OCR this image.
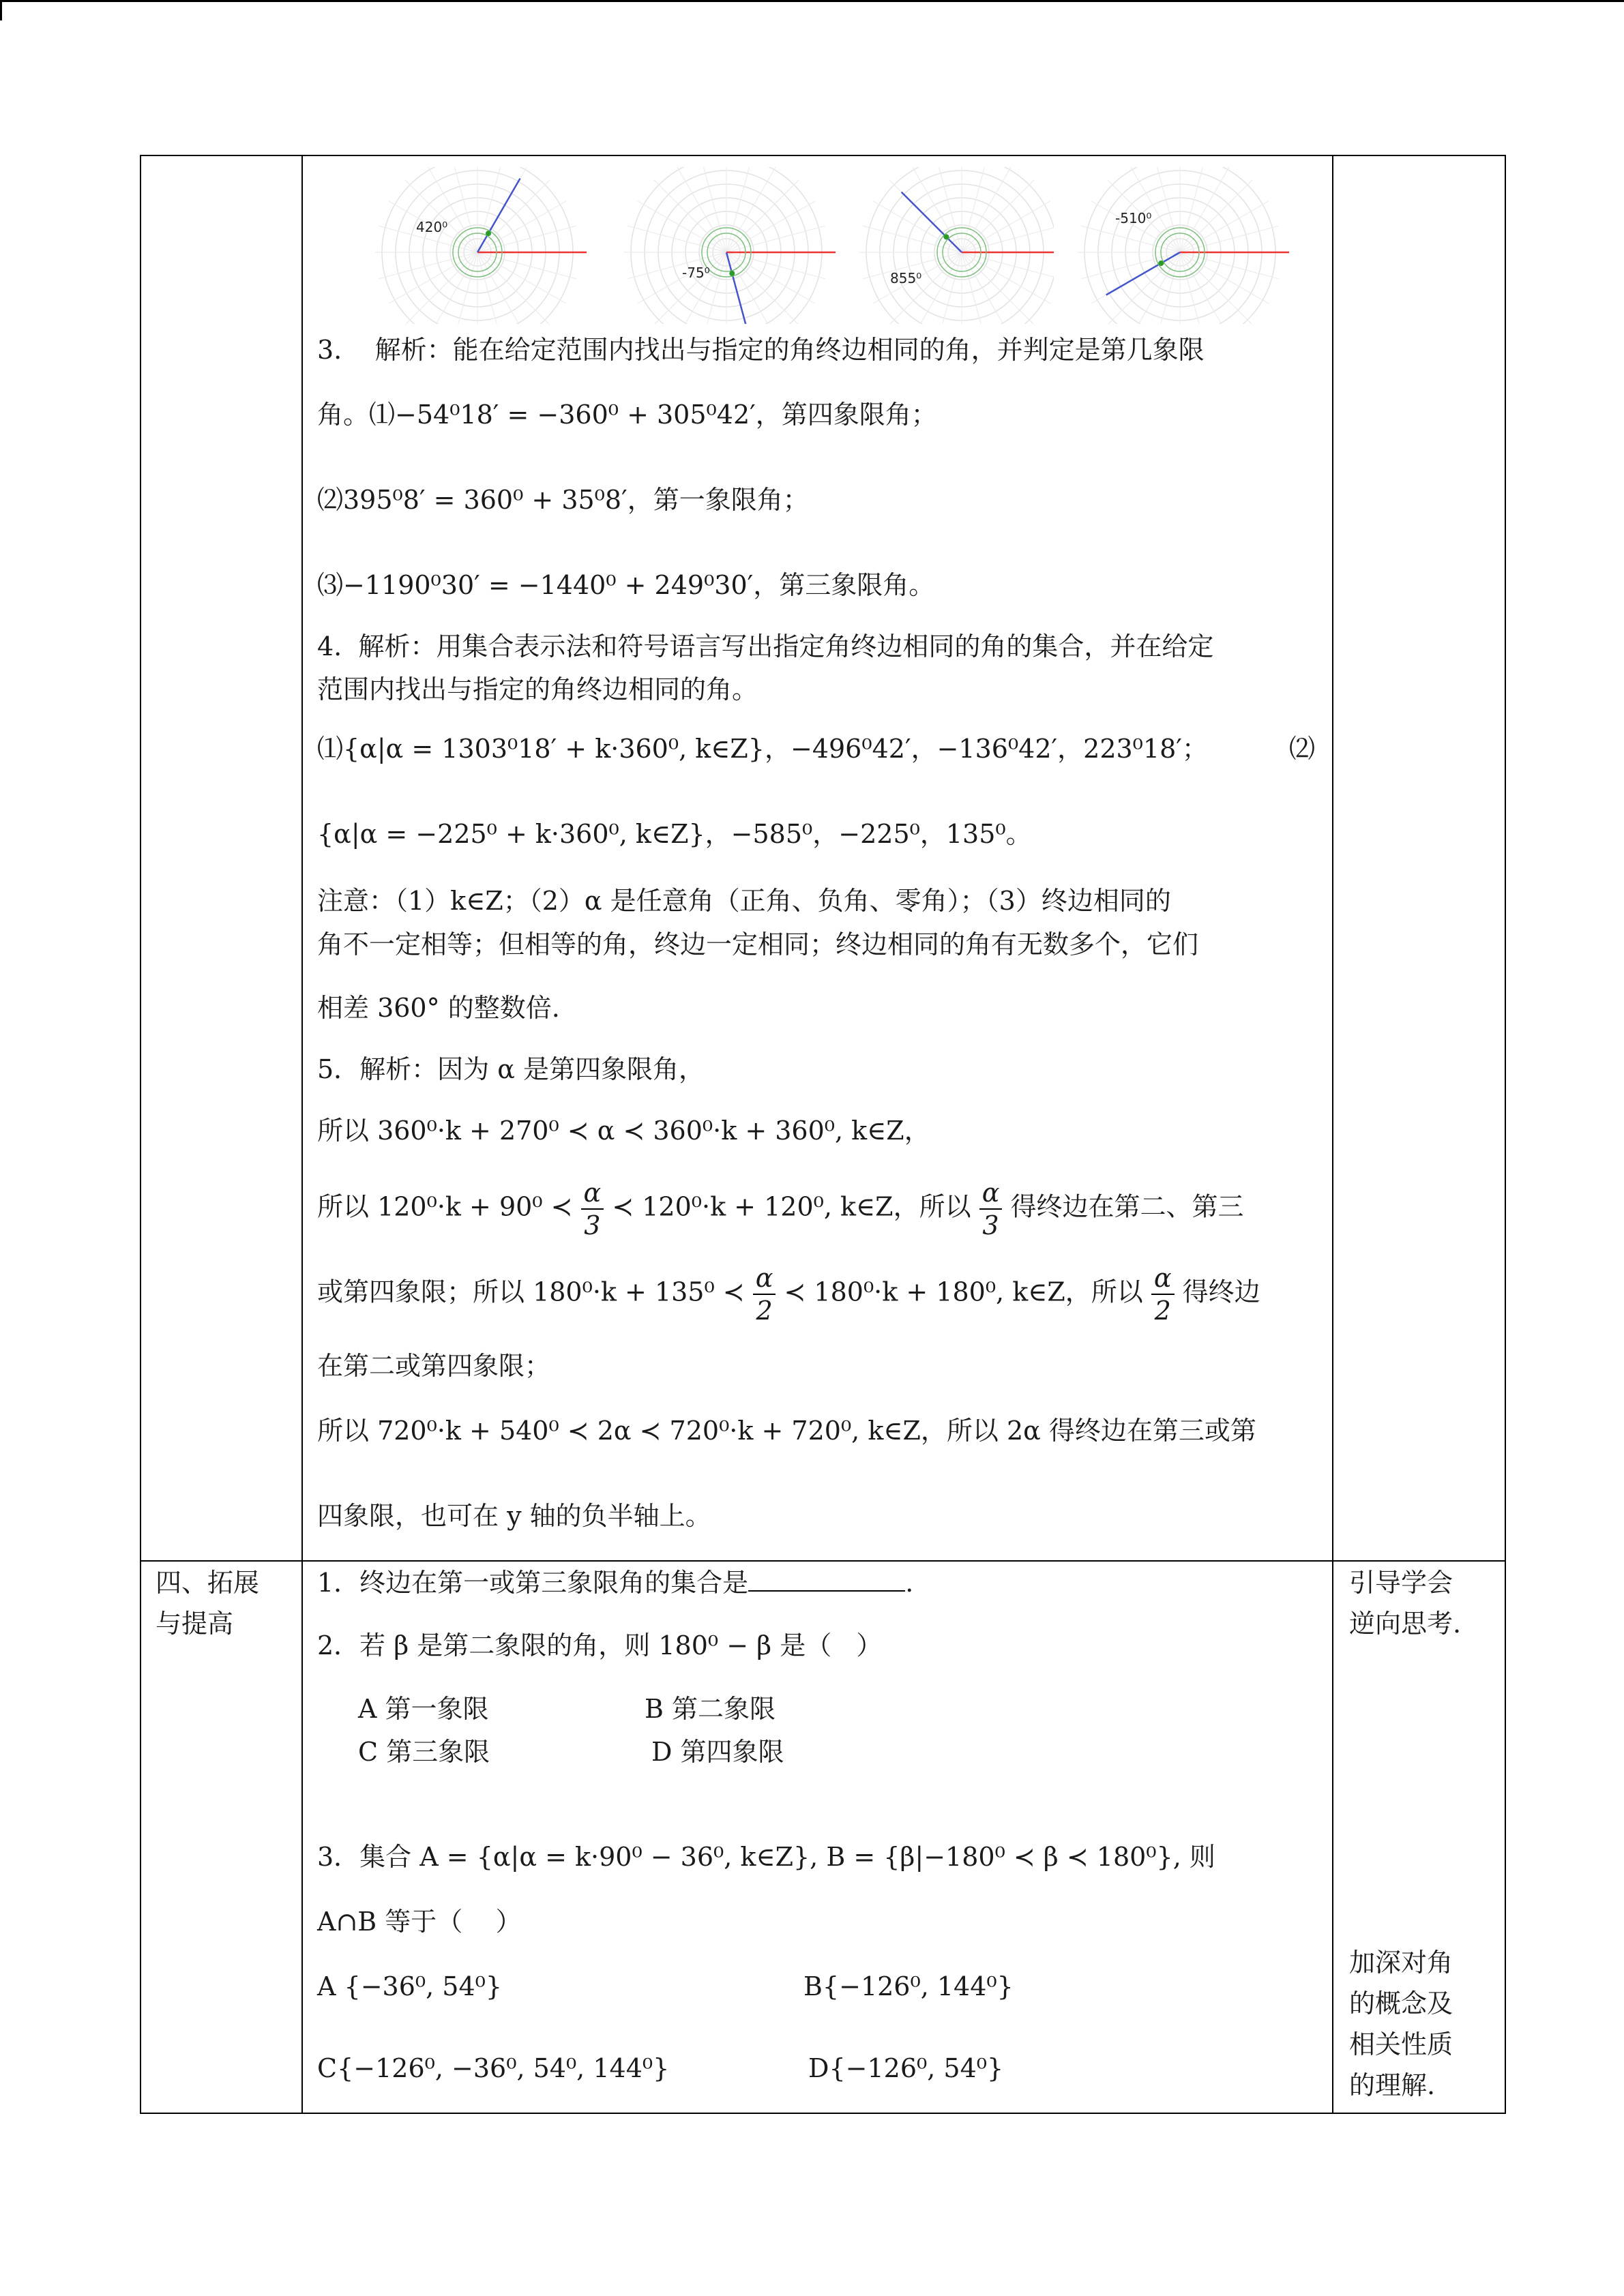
420⁰
-75⁰	855⁰
-510⁰
3.    解析：能在给定范围内找出与指定的角终边相同的角，并判定是第几象限
角。⑴−54⁰18′ = −360⁰ + 305⁰42′，第四象限角；
⑵395⁰8′ = 360⁰ + 35⁰8′，第一象限角；
⑶−1190⁰30′ = −1440⁰ + 249⁰30′，第三象限角。
4.  解析：用集合表示法和符号语言写出指定角终边相同的角的集合，并在给定
范围内找出与指定的角终边相同的角。
⑴{α|α = 1303⁰18′ + k·360⁰, k∈Z}，−496⁰42′，−136⁰42′，223⁰18′；	⑵
{α|α = −225⁰ + k·360⁰, k∈Z}，−585⁰，−225⁰，135⁰。
注意：（1）k∈Z；（2）α 是任意角（正角、负角、零角）；（3）终边相同的
角不一定相等；但相等的角，终边一定相同；终边相同的角有无数多个，它们
相差 360° 的整数倍.
5．解析：因为 α 是第四象限角，
所以 360⁰·k + 270⁰ ≺ α ≺ 360⁰·k + 360⁰, k∈Z，
所以 120⁰·k + 90⁰ ≺ $\frac{\alpha}{3}$ ≺ 120⁰·k + 120⁰, k∈Z，所以 $\frac{\alpha}{3}$ 得终边在第二、第三
或第四象限；所以 180⁰·k + 135⁰ ≺ $\frac{\alpha}{2}$ ≺ 180⁰·k + 180⁰, k∈Z，所以 $\frac{\alpha}{2}$ 得终边
在第二或第四象限；
所以 720⁰·k + 540⁰ ≺ 2α ≺ 720⁰·k + 720⁰, k∈Z，所以 2α 得终边在第三或第
四象限，也可在 y 轴的负半轴上。
四、拓展
与提高
1．终边在第一或第三象限角的集合是	.
2．若 β 是第二象限的角，则 180⁰ − β 是（   ）
A 第一象限	B 第二象限
C 第三象限	D 第四象限
3．集合 A = {α|α = k·90⁰ − 36⁰, k∈Z}, B = {β|−180⁰ ≺ β ≺ 180⁰}, 则
A∩B 等于（    ）
A {−36⁰, 54⁰}	B{−126⁰, 144⁰}
C{−126⁰, −36⁰, 54⁰, 144⁰}	D{−126⁰, 54⁰}
引导学会
逆向思考.
加深对角
的概念及
相关性质
的理解.
